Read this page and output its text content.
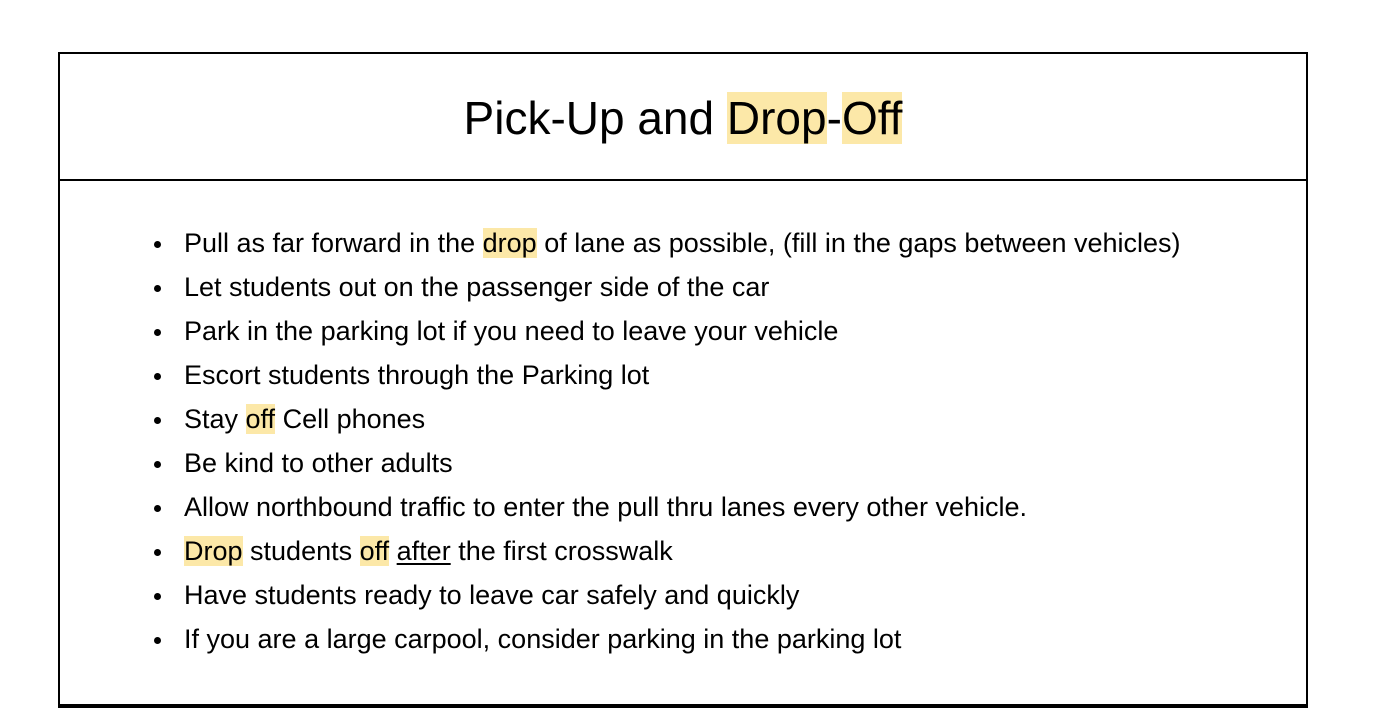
Pick-Up and Drop-Off
Pull as far forward in the drop of lane as possible, (fill in the gaps between vehicles)
Let students out on the passenger side of the car
Park in the parking lot if you need to leave your vehicle
Escort students through the Parking lot
Stay off Cell phones
Be kind to other adults
Allow northbound traffic to enter the pull thru lanes every other vehicle.
Drop students off after the first crosswalk
Have students ready to leave car safely and quickly
If you are a large carpool, consider parking in the parking lot
